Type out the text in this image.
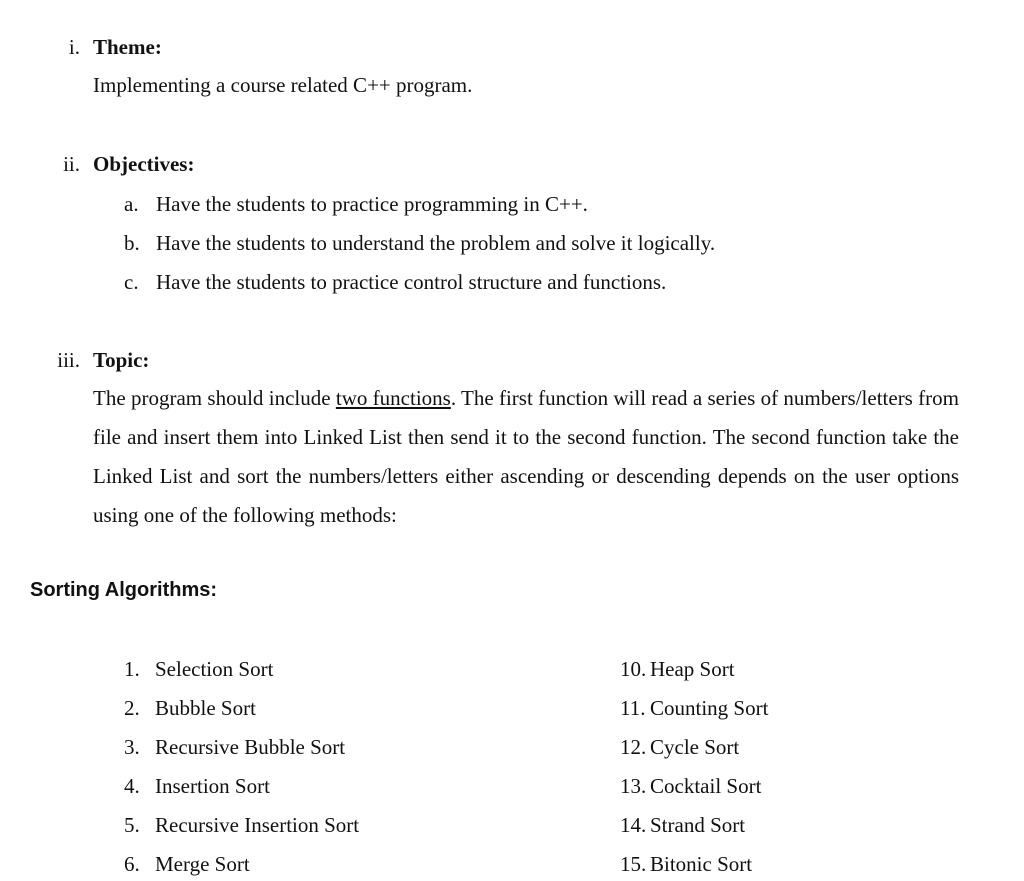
i. Theme:
Implementing a course related C++ program.
ii. Objectives:
a. Have the students to practice programming in C++.
b. Have the students to understand the problem and solve it logically.
c. Have the students to practice control structure and functions.
iii. Topic:
The program should include two functions. The first function will read a series of numbers/letters from file and insert them into Linked List then send it to the second function. The second function take the Linked List and sort the numbers/letters either ascending or descending depends on the user options using one of the following methods:
Sorting Algorithms:
1. Selection Sort
2. Bubble Sort
3. Recursive Bubble Sort
4. Insertion Sort
5. Recursive Insertion Sort
6. Merge Sort
10. Heap Sort
11. Counting Sort
12. Cycle Sort
13. Cocktail Sort
14. Strand Sort
15. Bitonic Sort
